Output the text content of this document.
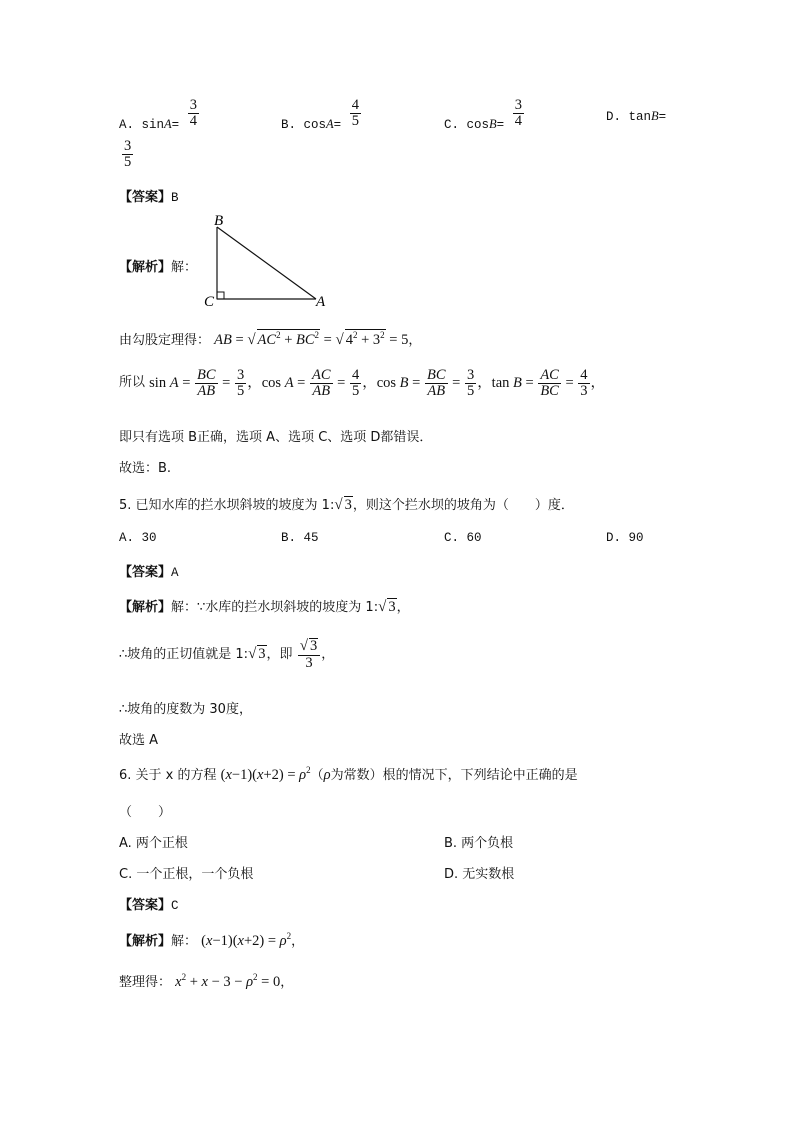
A. $\sin A= \frac{3}{4}$	B. $\cos A= \frac{4}{5}$	C. $\cos B= \frac{3}{4}$	D. tanB=
$\frac{3}{5}$
【答案】B
【解析】解：
B
C	A
由勾股定理得： AB = √ $AC^2 + BC^2$ = √ $4^2 + 3^2 = 5$，
所以 $\sin A = \frac{BC}{AB} = \frac{3}{5}$ ，$\cos A = \frac{AC}{AB} = \frac{4}{5}$ ，$\cos B = \frac{BC}{AB} = \frac{3}{5}$ ，$\tan B = \frac{AC}{BC} = \frac{4}{3}$ ，
即只有选项 B正确，选项 A、选项 C、选项 D都错误．
故选：B.
5. 已知水库的拦水坝斜坡的坡度为 1:√ 3，则这个拦水坝的坡角为（　　）度．
A. 30	B. 45	C. 60	D. 90
【答案】A
【解析】解：∵水库的拦水坝斜坡的坡度为 1:√ 3，
∴坡角的正切值就是 1:√ 3，即 $\frac{√ 3}{3}$ ，
∴坡角的度数为 30度，
故选 A
6. 关于 x 的方程 $(x-1)(x+2) = \rho^2(\rho$为常数）根的情况下，下列结论中正确的是
（　　）
A. 两个正根	B. 两个负根
C. 一个正根，一个负根	D. 无实数根
【答案】C
【解析】解： $(x-1)(x+2) = \rho^2$，
整理得： $x^2 + x - 3 - \rho^2 = 0$，
